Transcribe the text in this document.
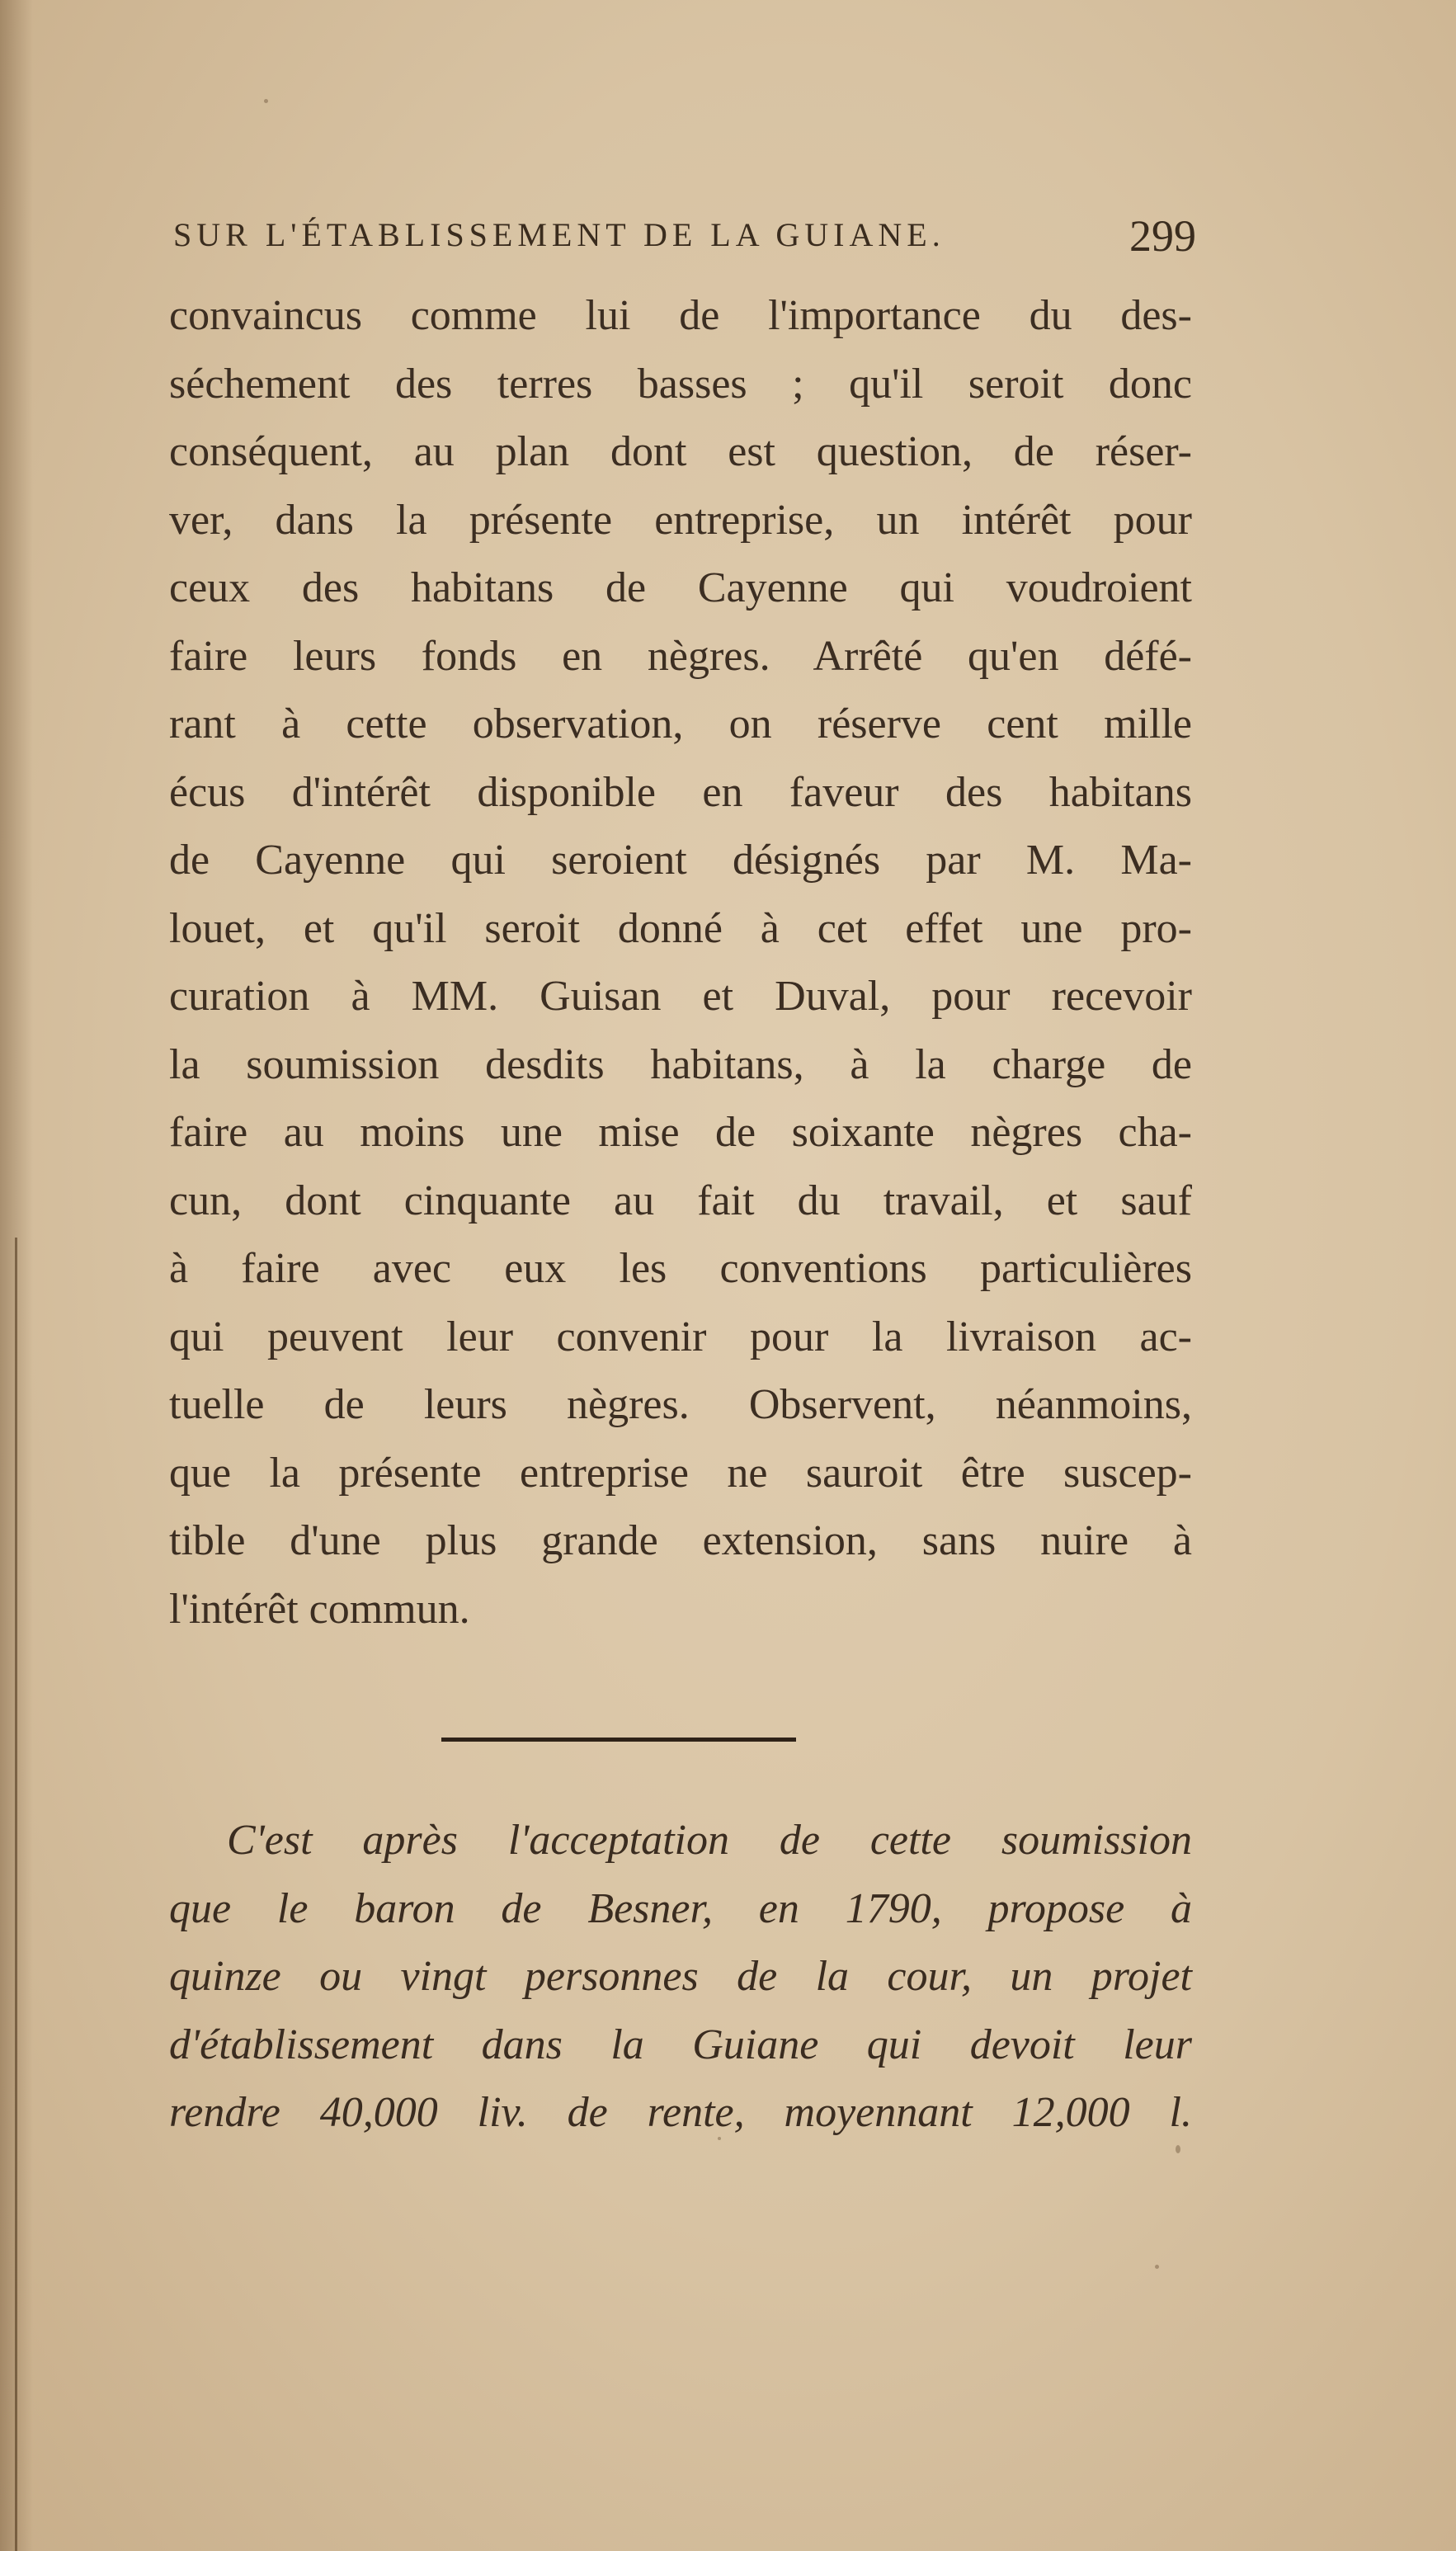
SUR L'ÉTABLISSEMENT DE LA GUIANE.	299
convaincus comme lui de l'importance du des-
séchement des terres basses ; qu'il seroit donc
conséquent, au plan dont est question, de réser-
ver, dans la présente entreprise, un intérêt pour
ceux des habitans de Cayenne qui voudroient
faire leurs fonds en nègres. Arrêté qu'en défé-
rant à cette observation, on réserve cent mille
écus d'intérêt disponible en faveur des habitans
de Cayenne qui seroient désignés par M. Ma-
louet, et qu'il seroit donné à cet effet une pro-
curation à MM. Guisan et Duval, pour recevoir
la soumission desdits habitans, à la charge de
faire au moins une mise de soixante nègres cha-
cun, dont cinquante au fait du travail, et sauf
à faire avec eux les conventions particulières
qui peuvent leur convenir pour la livraison ac-
tuelle de leurs nègres. Observent, néanmoins,
que la présente entreprise ne sauroit être suscep-
tible d'une plus grande extension, sans nuire à
l'intérêt commun.
C'est après l'acceptation de cette soumission
que le baron de Besner, en 1790, propose à
quinze ou vingt personnes de la cour, un projet
d'établissement dans la Guiane qui devoit leur
rendre 40,000 liv. de rente, moyennant 12,000 l.
